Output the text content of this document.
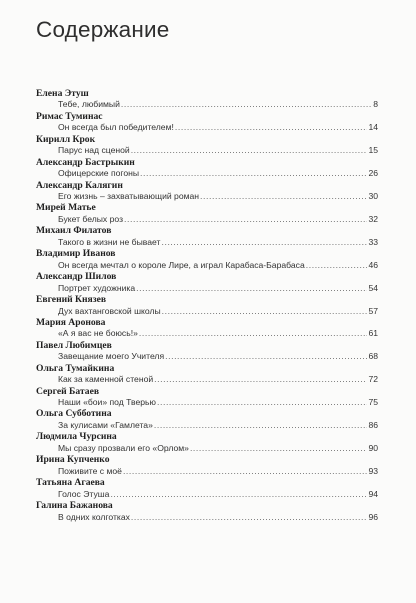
Содержание
Елена Этуш
Тебе, любимый .....	8
Римас Туминас
Он всегда был победителем! .....	14
Кирилл Крок
Парус над сценой .....	15
Александр Бастрыкин
Офицерские погоны .....	26
Александр Калягин
Его жизнь – захватывающий роман .....	30
Мирей Матье
Букет белых роз .....	32
Михаил Филатов
Такого в жизни не бывает .....	33
Владимир Иванов
Он всегда мечтал о короле Лире, а играл Карабаса-Барабаса .....	46
Александр Шилов
Портрет художника .....	54
Евгений Князев
Дух вахтанговской школы .....	57
Мария Аронова
«А я вас не боюсь!» .....	61
Павел Любимцев
Завещание моего Учителя .....	68
Ольга Тумайкина
Как за каменной стеной .....	72
Сергей Батаев
Наши «бои» под Тверью .....	75
Ольга Субботина
За кулисами «Гамлета» .....	86
Людмила Чурсина
Мы сразу прозвали его «Орлом» .....	90
Ирина Купченко
Поживите с моё .....	93
Татьяна Агаева
Голос Этуша .....	94
Галина Бажанова
В одних колготках .....	96
